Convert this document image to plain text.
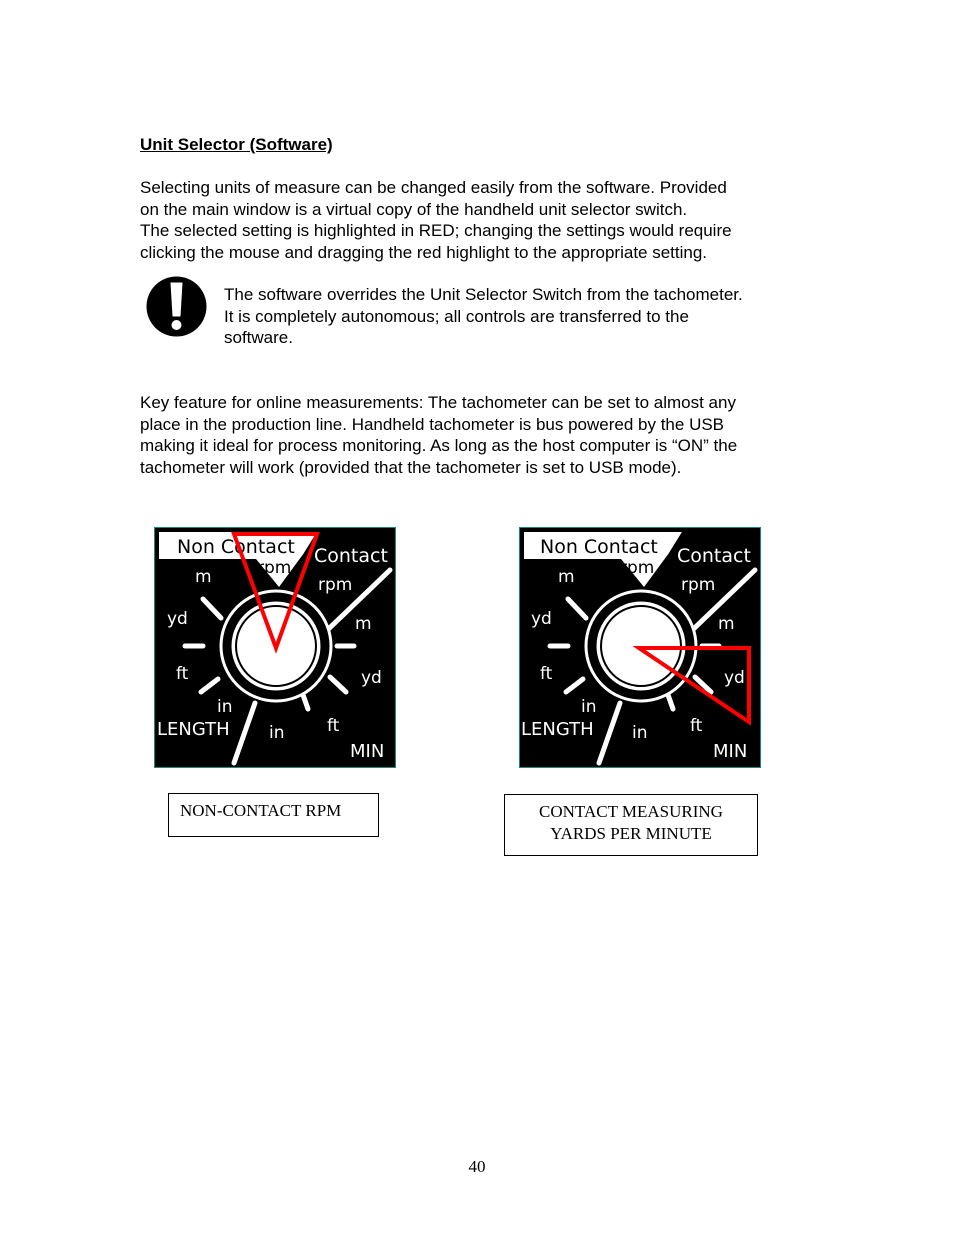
Unit Selector (Software)
Selecting units of measure can be changed easily from the software. Provided
on the main window is a virtual copy of the handheld unit selector switch.
The selected setting is highlighted in RED; changing the settings would require
clicking the mouse and dragging the red highlight to the appropriate setting.
The software overrides the Unit Selector Switch from the tachometer.
It is completely autonomous; all controls are transferred to the
software.
Key feature for online measurements: The tachometer can be set to almost any
place in the production line. Handheld tachometer is bus powered by the USB
making it ideal for process monitoring. As long as the host computer is “ON” the
tachometer will work (provided that the tachometer is set to USB mode).
Non Contact Contact
rpm
rpm
m
m
yd
yd
ft
ft
in
in
LENGTH
MIN
Non Contact Contact
rpm
rpm
m
m
yd
yd
ft
ft
in
in
LENGTH
MIN
NON-CONTACT RPM	CONTACT MEASURING
YARDS PER MINUTE
40
